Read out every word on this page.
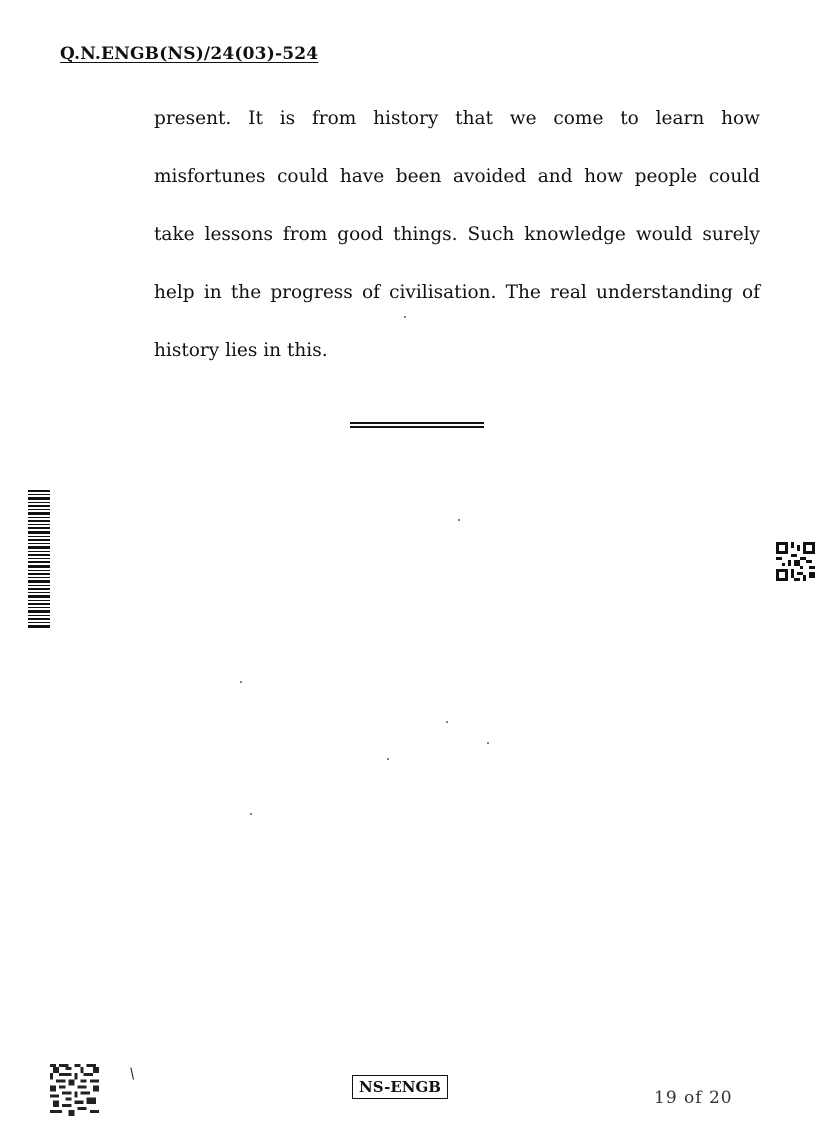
Q.N.ENGB(NS)/24(03)-524
present. It is from history that we come to learn how
misfortunes could have been avoided and how people could
take lessons from good things. Such knowledge would surely
help in the progress of civilisation. The real understanding of
history lies in this.
/
NS-ENGB
19 of 20
